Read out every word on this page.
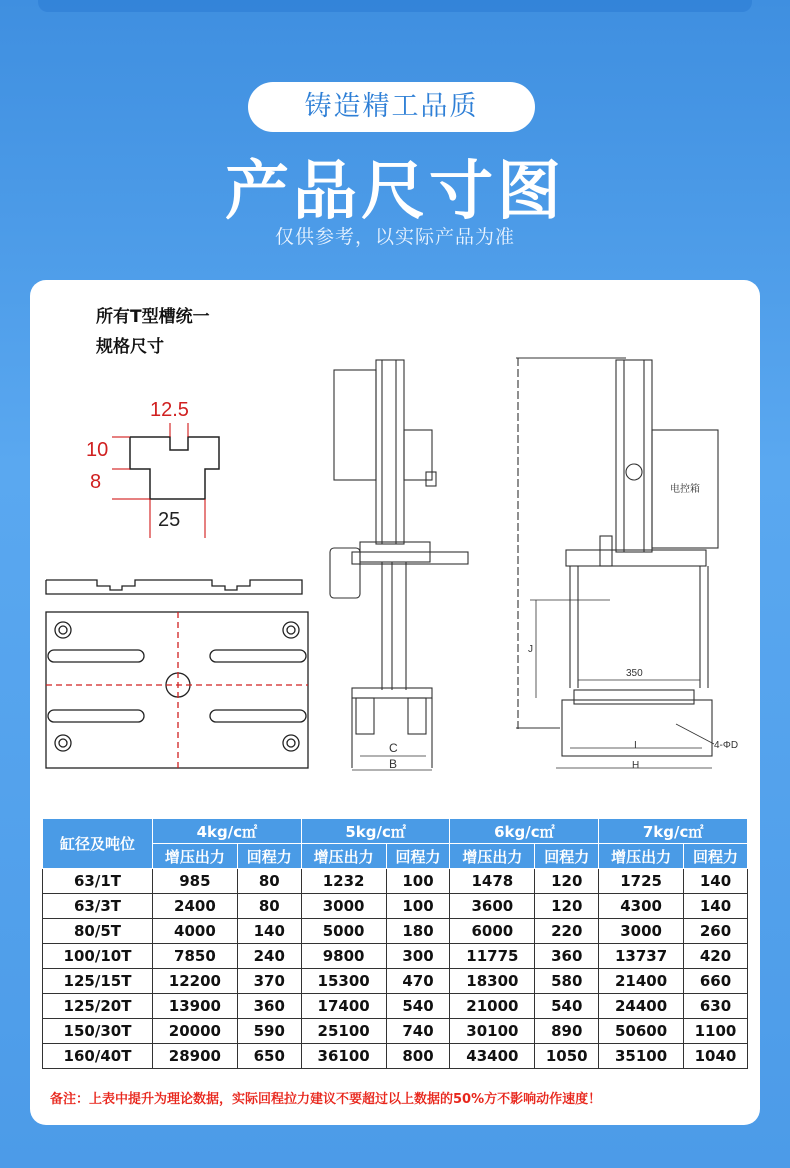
铸造精工品质
产品尺寸图
仅供参考，以实际产品为准
所有T型槽统一
规格尺寸
12.5
10
8
25
C
B
电控箱
350
J
I
H
4-ΦD
缸径及吨位	4kg/c㎡		5kg/c㎡		6kg/c㎡		7kg/c㎡	
	增压出力	回程力	增压出力	回程力	增压出力	回程力	增压出力	回程力
63/1T	985	80	1232	100	1478	120	1725	140
63/3T	2400	80	3000	100	3600	120	4300	140
80/5T	4000	140	5000	180	6000	220	3000	260
100/10T	7850	240	9800	300	11775	360	13737	420
125/15T	12200	370	15300	470	18300	580	21400	660
125/20T	13900	360	17400	540	21000	540	24400	630
150/30T	20000	590	25100	740	30100	890	50600	1100
160/40T	28900	650	36100	800	43400	1050	35100	1040
备注：上表中提升为理论数据，实际回程拉力建议不要超过以上数据的50%方不影响动作速度！
